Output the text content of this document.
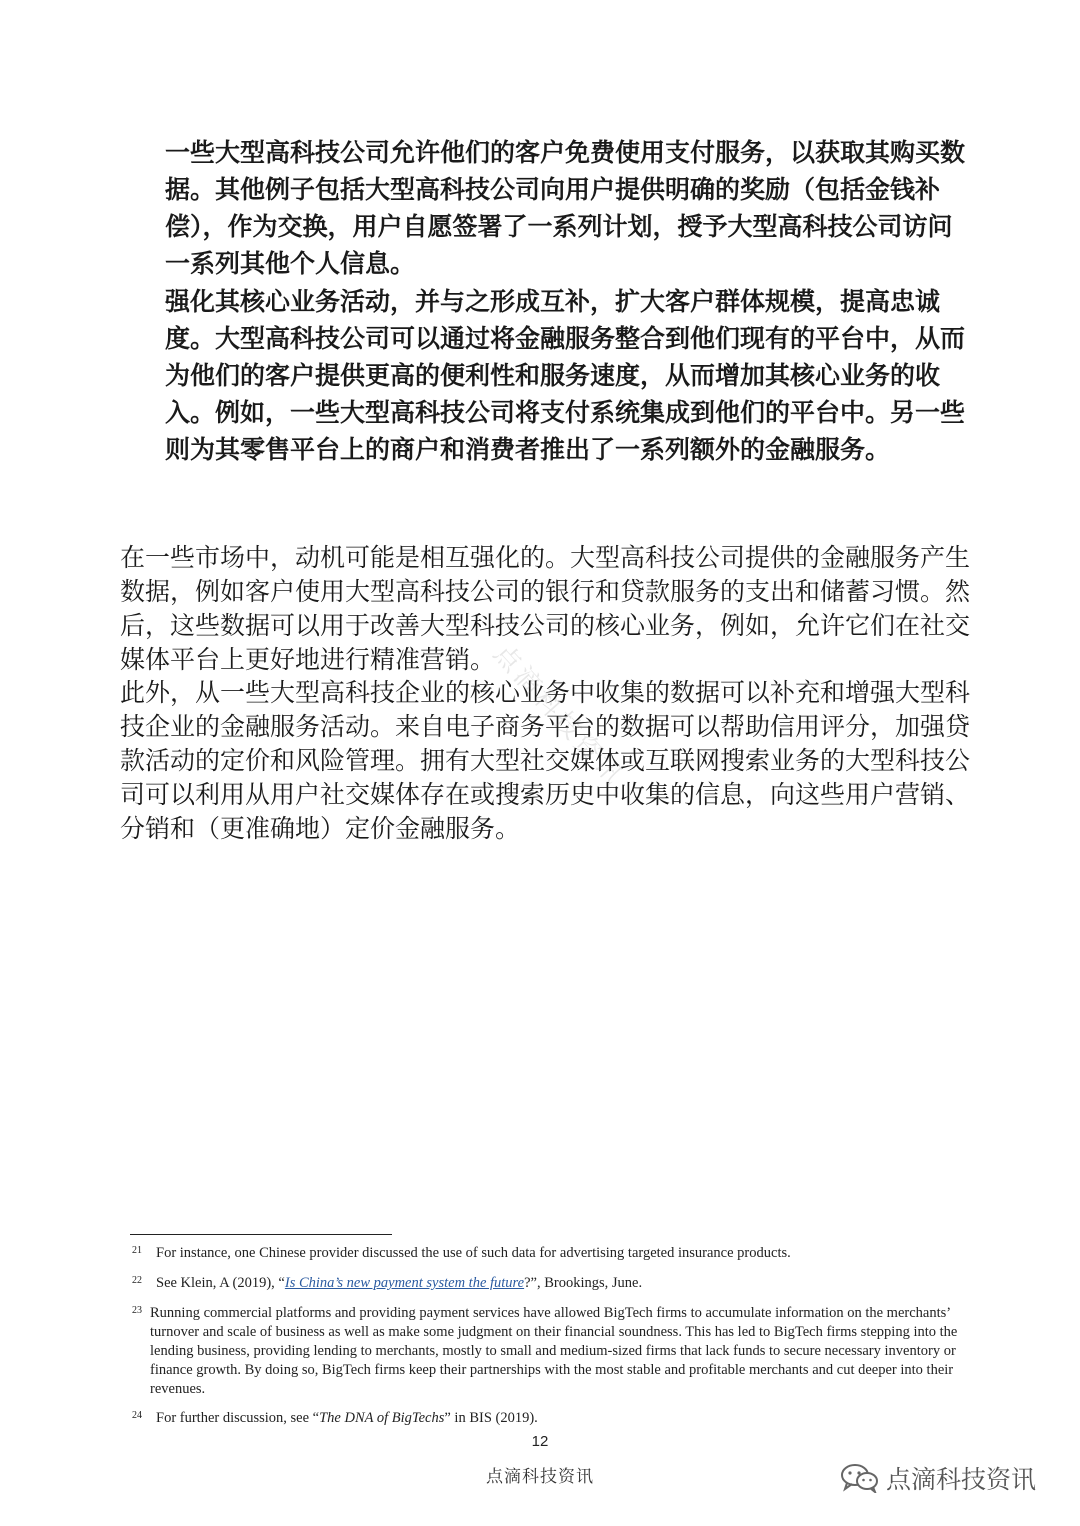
一些大型高科技公司允许他们的客户免费使用支付服务，以获取其购买数据。其他例子包括大型高科技公司向用户提供明确的奖励（包括金钱补偿），作为交换，用户自愿签署了一系列计划，授予大型高科技公司访问一系列其他个人信息。

强化其核心业务活动，并与之形成互补，扩大客户群体规模，提高忠诚度。大型高科技公司可以通过将金融服务整合到他们现有的平台中，从而为他们的客户提供更高的便利性和服务速度，从而增加其核心业务的收入。例如，一些大型高科技公司将支付系统集成到他们的平台中。另一些则为其零售平台上的商户和消费者推出了一系列额外的金融服务。

在一些市场中，动机可能是相互强化的。大型高科技公司提供的金融服务产生数据，例如客户使用大型高科技公司的银行和贷款服务的支出和储蓄习惯。然后，这些数据可以用于改善大型科技公司的核心业务，例如，允许它们在社交媒体平台上更好地进行精准营销。

此外，从一些大型高科技企业的核心业务中收集的数据可以补充和增强大型科技企业的金融服务活动。来自电子商务平台的数据可以帮助信用评分，加强贷款活动的定价和风险管理。拥有大型社交媒体或互联网搜索业务的大型科技公司可以利用从用户社交媒体存在或搜索历史中收集的信息，向这些用户营销、分销和（更准确地）定价金融服务。

点滴科技资讯
21 For instance, one Chinese provider discussed the use of such data for advertising targeted insurance products.
22 See Klein, A (2019), “Is China’s new payment system the future?”, Brookings, June.
23 Running commercial platforms and providing payment services have allowed BigTech firms to accumulate information on the merchants’ turnover and scale of business as well as make some judgment on their financial soundness. This has led to BigTech firms stepping into the lending business, providing lending to merchants, mostly to small and medium-sized firms that lack funds to secure necessary inventory or finance growth. By doing so, BigTech firms keep their partnerships with the most stable and profitable merchants and cut deeper into their revenues.
24 For further discussion, see “The DNA of BigTechs” in BIS (2019).
12
点滴科技资讯	点滴科技资讯
